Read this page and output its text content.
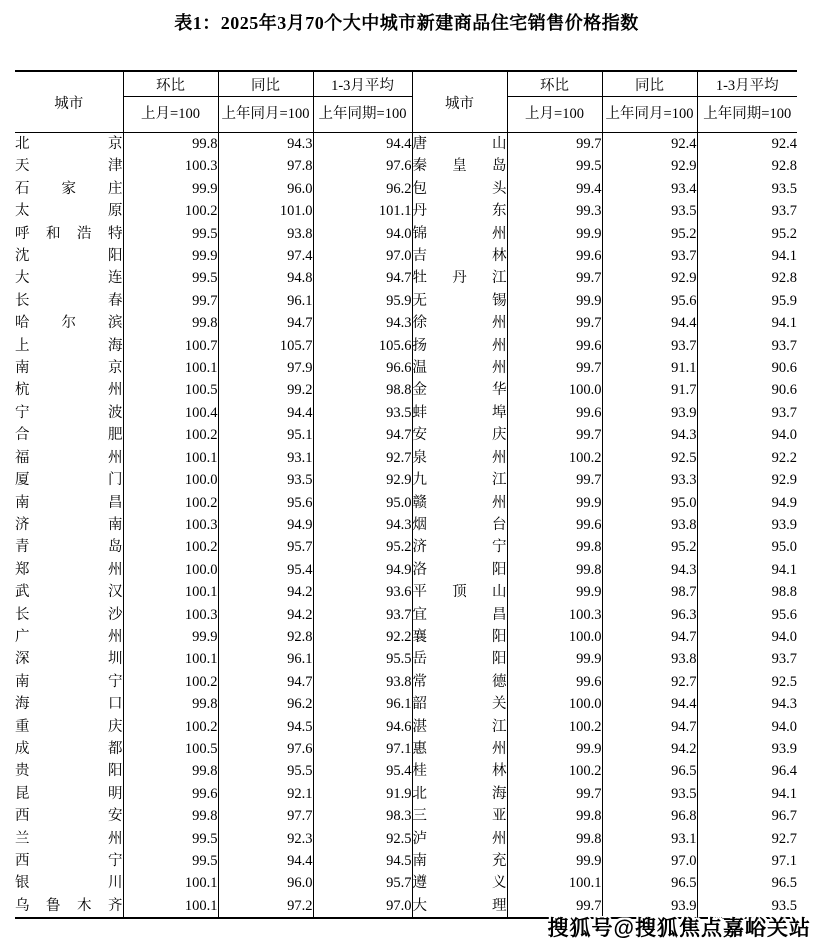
表1：2025年3月70个大中城市新建商品住宅销售价格指数
城市	环比	同比	1-3月平均	城市	环比	同比	1-3月平均
	上月=100	上年同月=100	上年同期=100		上月=100	上年同月=100	上年同期=100
北京	99.8	94.3	94.4	唐山	99.7	92.4	92.4
天津	100.3	97.8	97.6	秦皇岛	99.5	92.9	92.8
石家庄	99.9	96.0	96.2	包头	99.4	93.4	93.5
太原	100.2	101.0	101.1	丹东	99.3	93.5	93.7
呼和浩特	99.5	93.8	94.0	锦州	99.9	95.2	95.2
沈阳	99.9	97.4	97.0	吉林	99.6	93.7	94.1
大连	99.5	94.8	94.7	牡丹江	99.7	92.9	92.8
长春	99.7	96.1	95.9	无锡	99.9	95.6	95.9
哈尔滨	99.8	94.7	94.3	徐州	99.7	94.4	94.1
上海	100.7	105.7	105.6	扬州	99.6	93.7	93.7
南京	100.1	97.9	96.6	温州	99.7	91.1	90.6
杭州	100.5	99.2	98.8	金华	100.0	91.7	90.6
宁波	100.4	94.4	93.5	蚌埠	99.6	93.9	93.7
合肥	100.2	95.1	94.7	安庆	99.7	94.3	94.0
福州	100.1	93.1	92.7	泉州	100.2	92.5	92.2
厦门	100.0	93.5	92.9	九江	99.7	93.3	92.9
南昌	100.2	95.6	95.0	赣州	99.9	95.0	94.9
济南	100.3	94.9	94.3	烟台	99.6	93.8	93.9
青岛	100.2	95.7	95.2	济宁	99.8	95.2	95.0
郑州	100.0	95.4	94.9	洛阳	99.8	94.3	94.1
武汉	100.1	94.2	93.6	平顶山	99.9	98.7	98.8
长沙	100.3	94.2	93.7	宜昌	100.3	96.3	95.6
广州	99.9	92.8	92.2	襄阳	100.0	94.7	94.0
深圳	100.1	96.1	95.5	岳阳	99.9	93.8	93.7
南宁	100.2	94.7	93.8	常德	99.6	92.7	92.5
海口	99.8	96.2	96.1	韶关	100.0	94.4	94.3
重庆	100.2	94.5	94.6	湛江	100.2	94.7	94.0
成都	100.5	97.6	97.1	惠州	99.9	94.2	93.9
贵阳	99.8	95.5	95.4	桂林	100.2	96.5	96.4
昆明	99.6	92.1	91.9	北海	99.7	93.5	94.1
西安	99.8	97.7	98.3	三亚	99.8	96.8	96.7
兰州	99.5	92.3	92.5	泸州	99.8	93.1	92.7
西宁	99.5	94.4	94.5	南充	99.9	97.0	97.1
银川	100.1	96.0	95.7	遵义	100.1	96.5	96.5
乌鲁木齐	100.1	97.2	97.0	大理	99.7	93.9	93.5
搜狐号@搜狐焦点嘉峪关站
